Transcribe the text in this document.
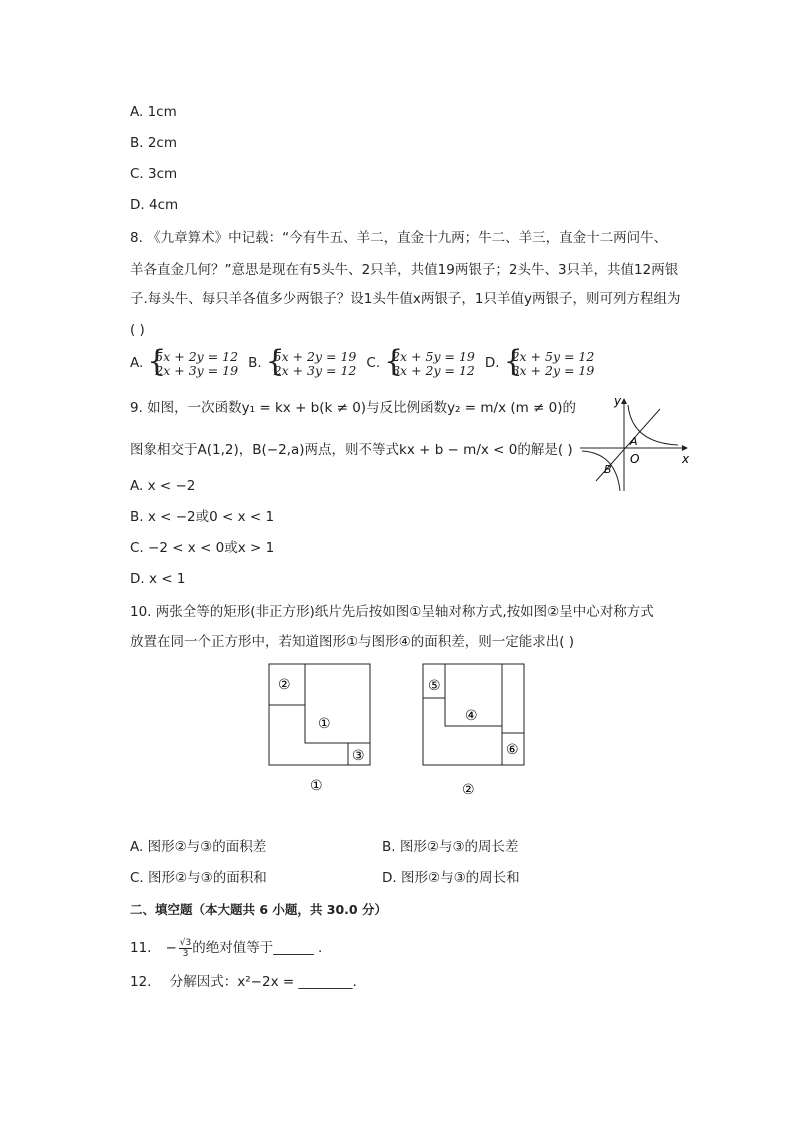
A. 1cm
B. 2cm
C. 3cm
D. 4cm
8. 《九章算术》中记载：“今有牛五、羊二，直金十九两；牛二、羊三，直金十二两问牛、
羊各直金几何？”意思是现在有5头牛、2只羊，共值19两银子；2头牛、3只羊，共值12两银
子.每头牛、每只羊各值多少两银子？设1头牛值x两银子，1只羊值y两银子，则可列方程组为
( )
A. {
5x + 2y = 12
2x + 3y = 19 B. {
5x + 2y = 19
2x + 3y = 12 C. {
2x + 5y = 19
3x + 2y = 12 D. {
2x + 5y = 12
3x + 2y = 19
9. 如图，一次函数y₁ = kx + b(k ≠ 0)与反比例函数y₂ = m/x (m ≠ 0)的
图象相交于A(1,2)，B(−2,a)两点，则不等式kx + b − m/x < 0的解是( )
y
x
O
A
B
A. x < −2
B. x < −2或0 < x < 1
C. −2 < x < 0或x > 1
D. x < 1
10. 两张全等的矩形(非正方形)纸片先后按如图①呈轴对称方式,按如图②呈中心对称方式
放置在同一个正方形中，若知道图形①与图形④的面积差，则一定能求出( )
②
①
③
①
⑤
④
⑥
②
A. 图形②与③的面积差	B. 图形②与③的周长差
C. 图形②与③的面积和	D. 图形②与③的周长和
二、填空题（本大题共 6 小题，共 30.0 分）
11. − $\frac{√3}{3}$ 的绝对值等于______ .
12. 分解因式：x²−2x = ________.
